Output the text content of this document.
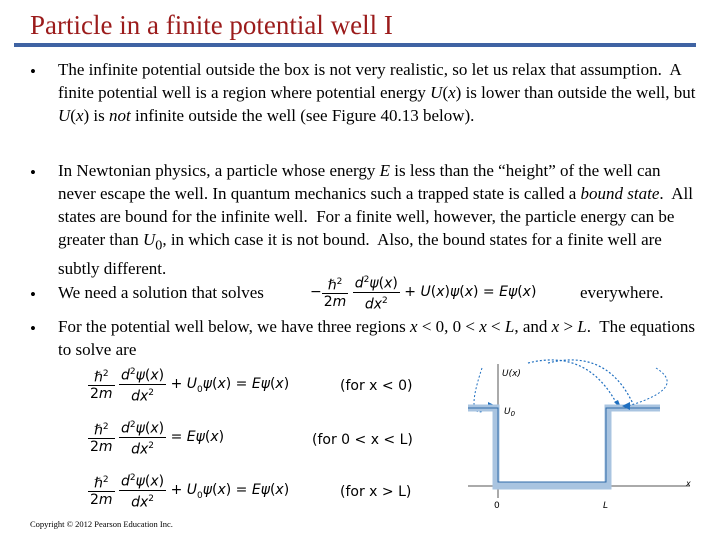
Particle in a finite potential well I
• The infinite potential outside the box is not very realistic, so let us relax that assumption.  A finite potential well is a region where potential energy U(x) is lower than outside the well, but U(x) is not infinite outside the well (see Figure 40.13 below).
• In Newtonian physics, a particle whose energy E is less than the “height” of the well can never escape the well. In quantum mechanics such a trapped state is called a bound state.  All states are bound for the infinite well.  For a finite well, however, the particle energy can be greater than $U_0$, in which case it is not bound.  Also, the bound states for a finite well are subtly different.
• We need a solution that solves	− $\frac{\hbar^2}{2m}$
$\frac{d^2\psi(x)}{dx^2} + U(x)\psi(x) = E\psi(x)$	everywhere.
• For the potential well below, we have three regions x < 0, 0 < x < L, and x > L.  The equations to solve are
$\frac{\hbar^2}{2m}$
$\frac{d^2\psi(x)}{dx^2} + U_0\psi(x) = E\psi(x)$	(for x < 0)
$\frac{\hbar^2}{2m}$
$\frac{d^2\psi(x)}{dx^2} = E\psi(x)$	(for 0 < x < L)
$\frac{\hbar^2}{2m}$
$\frac{d^2\psi(x)}{dx^2} + U_0\psi(x) = E\psi(x)$	(for x > L)
U(x)
$U_0$
x
0	L
Copyright © 2012 Pearson Education Inc.
